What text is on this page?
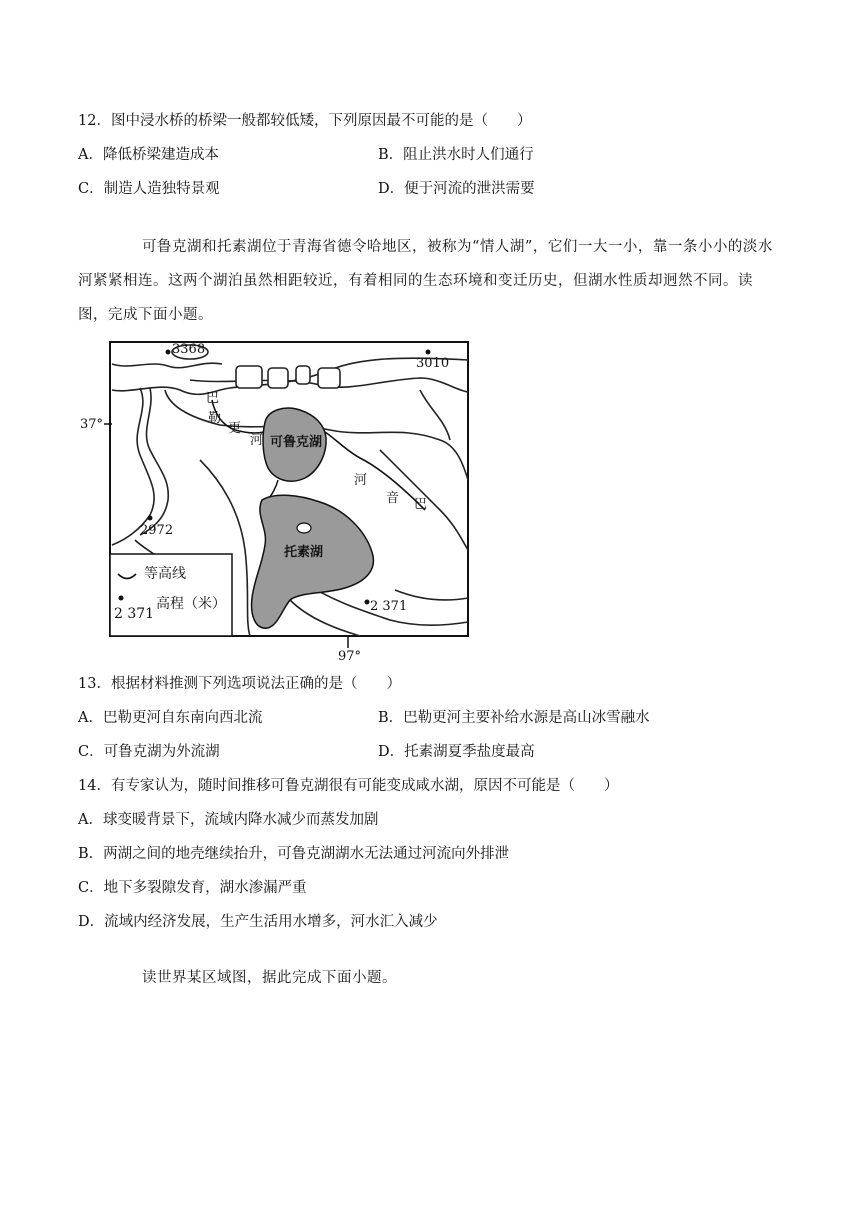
12．图中浸水桥的桥梁一般都较低矮，下列原因最不可能的是（　　）
A．降低桥梁建造成本	B．阻止洪水时人们通行
C．制造人造独特景观	D．便于河流的泄洪需要
可鲁克湖和托素湖位于青海省德令哈地区，被称为“情人湖”，它们一大一小，靠一条小小的淡水河紧紧相连。这两个湖泊虽然相距较近，有着相同的生态环境和变迁历史，但湖水性质却迥然不同。读图，完成下面小题。
3368
3010
2972
2 371
37°
97°
可鲁克湖
托素湖
巴
勒
更
河
河
音 巴
等高线
2 371
高程（米）
13．根据材料推测下列选项说法正确的是（　　）
A．巴勒更河自东南向西北流	B．巴勒更河主要补给水源是高山冰雪融水
C．可鲁克湖为外流湖	D．托素湖夏季盐度最高
14．有专家认为，随时间推移可鲁克湖很有可能变成咸水湖，原因不可能是（　　）
A．球变暖背景下，流域内降水减少而蒸发加剧
B．两湖之间的地壳继续抬升，可鲁克湖湖水无法通过河流向外排泄
C．地下多裂隙发育，湖水渗漏严重
D．流域内经济发展，生产生活用水增多，河水汇入减少
读世界某区域图，据此完成下面小题。
